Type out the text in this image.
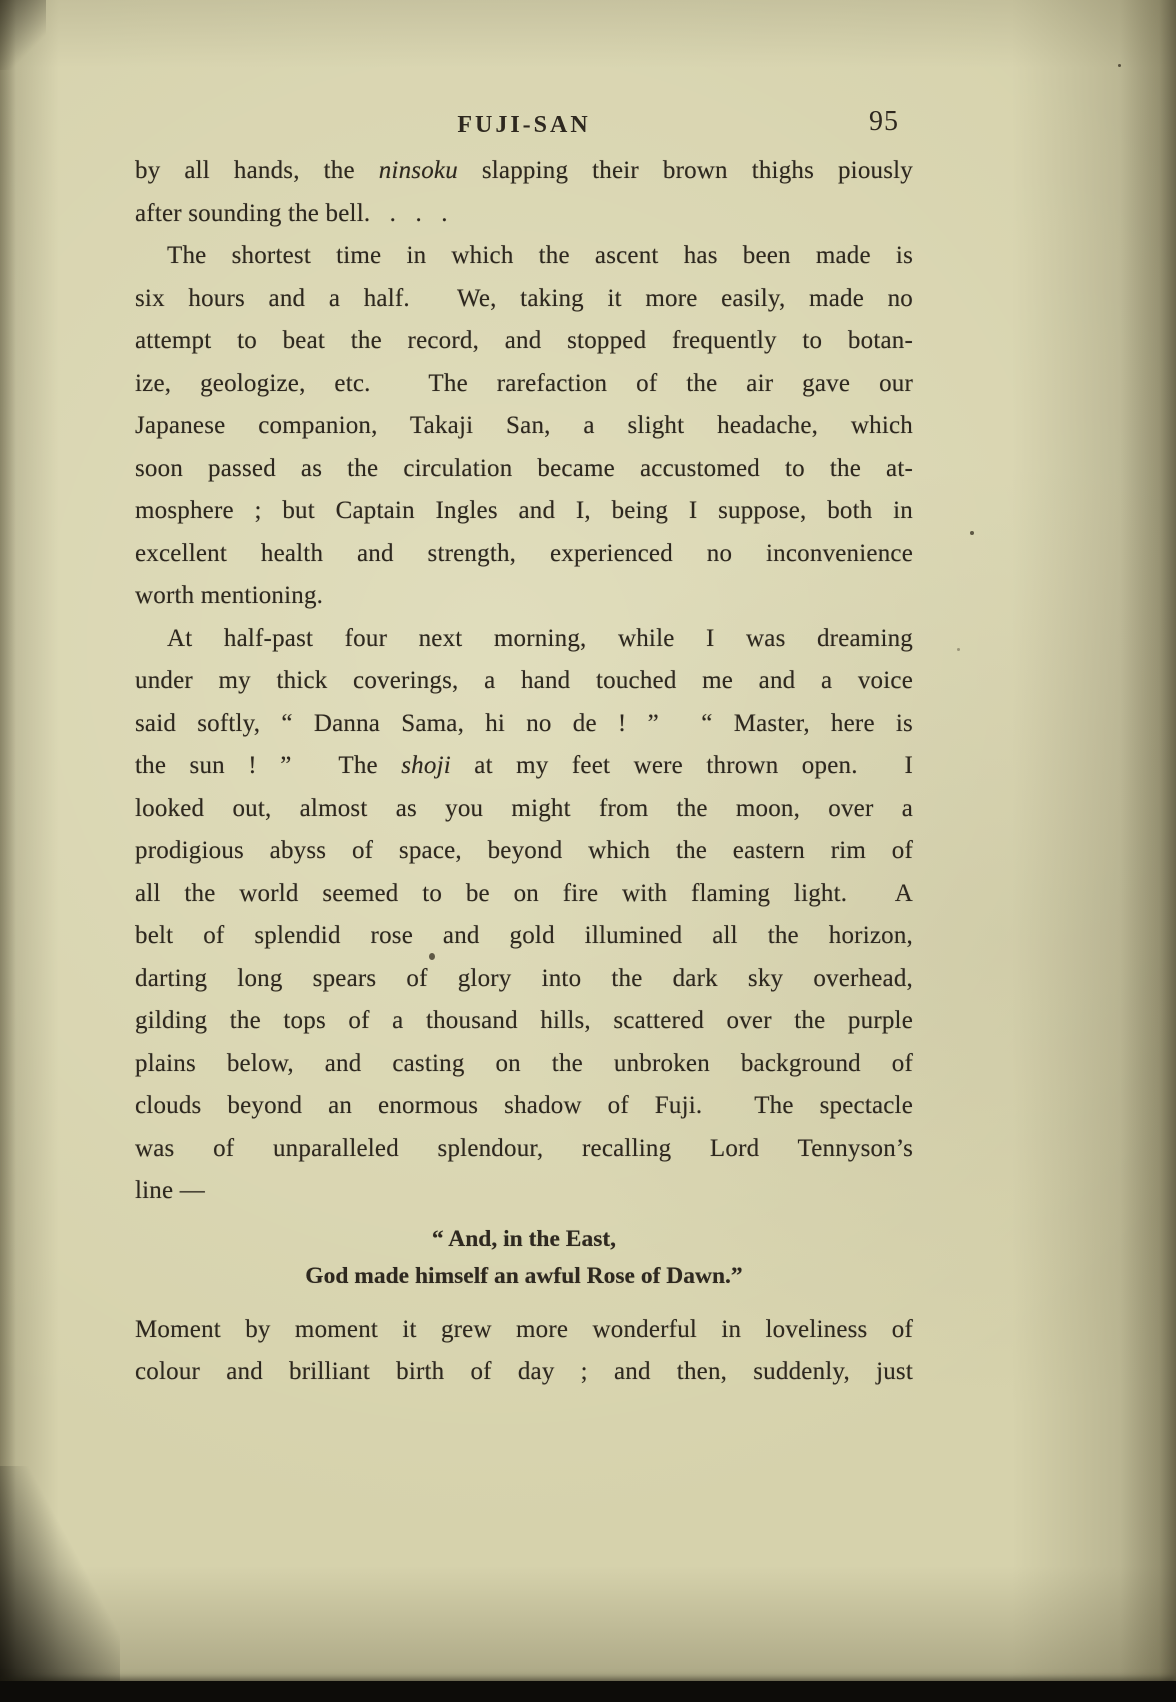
FUJI-SAN	95
by all hands, the ninsoku slapping their brown thighs piously
after sounding the bell.   .   .   .
The shortest time in which the ascent has been made is
six hours and a half.  We, taking it more easily, made no
attempt to beat the record, and stopped frequently to botan-
ize, geologize, etc.  The rarefaction of the air gave our
Japanese companion, Takaji San, a slight headache, which
soon passed as the circulation became accustomed to the at-
mosphere ; but Captain Ingles and I, being I suppose, both in
excellent health and strength, experienced no inconvenience
worth mentioning.
At half-past four next morning, while I was dreaming
under my thick coverings, a hand touched me and a voice
said softly, “ Danna Sama, hi no de ! ”  “ Master, here is
the sun ! ”  The shoji at my feet were thrown open.  I
looked out, almost as you might from the moon, over a
prodigious abyss of space, beyond which the eastern rim of
all the world seemed to be on fire with flaming light.  A
belt of splendid rose and gold illumined all the horizon,
darting long spears of glory into the dark sky overhead,
gilding the tops of a thousand hills, scattered over the purple
plains below, and casting on the unbroken background of
clouds beyond an enormous shadow of Fuji.  The spectacle
was of unparalleled splendour, recalling Lord Tennyson’s
line —
“ And, in the East,
God made himself an awful Rose of Dawn.”
Moment by moment it grew more wonderful in loveliness of
colour and brilliant birth of day ; and then, suddenly, just
